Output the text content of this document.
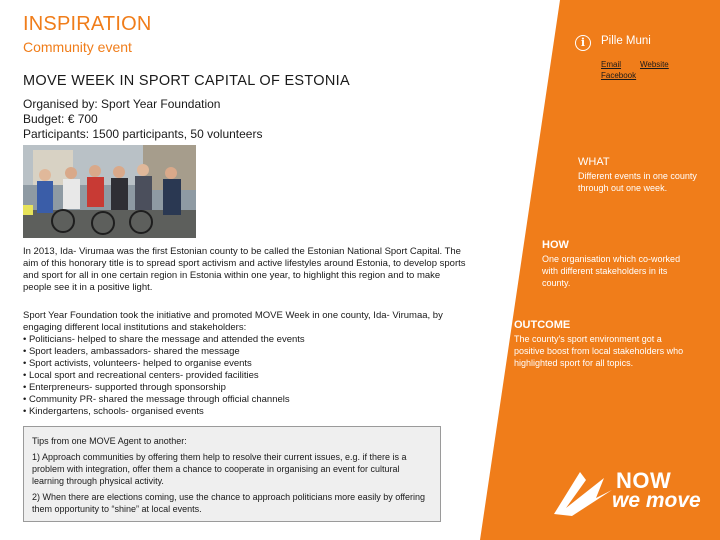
INSPIRATION
Community event
MOVE WEEK IN SPORT CAPITAL OF ESTONIA
Organised by: Sport Year Foundation
Budget: € 700
Participants: 1500 participants, 50 volunteers
In 2013, Ida- Virumaa was the first Estonian county to be called the Estonian National Sport Capital. The aim of this honorary title is to spread sport activism and active lifestyles around Estonia, to develop sports and sport for all in one certain region in Estonia within one year, to highlight this region and to make people see it in a positive light.
Sport Year Foundation took the initiative and promoted MOVE Week in one county, Ida- Virumaa, by engaging different local institutions and stakeholders:
• Politicians- helped to share the message and attended the events
• Sport leaders, ambassadors- shared the message
• Sport activists, volunteers- helped to organise events
• Local sport and recreational centers- provided facilities
• Enterpreneurs- supported through sponsorship
• Community PR- shared the message through official channels
• Kindergartens, schools- organised events

Tips from one MOVE Agent to another:

1) Approach communities by offering them help to resolve their current issues, e.g. if there is a problem with integration, offer them a chance to cooperate in organising an event for cultural learning through physical activity.

2) When there are elections coming, use the chance to approach politicians more easily by offering them opportunity to “shine” at local events.

i	Pille Muni
Email Website
Facebook
WHAT
Different events in one county through out one week.
HOW
One organisation which co-worked with different stakeholders in its county.
OUTCOME
The county's sport environment got a positive boost from local stakeholders who highlighted sport for all topics.
NOW
we move
